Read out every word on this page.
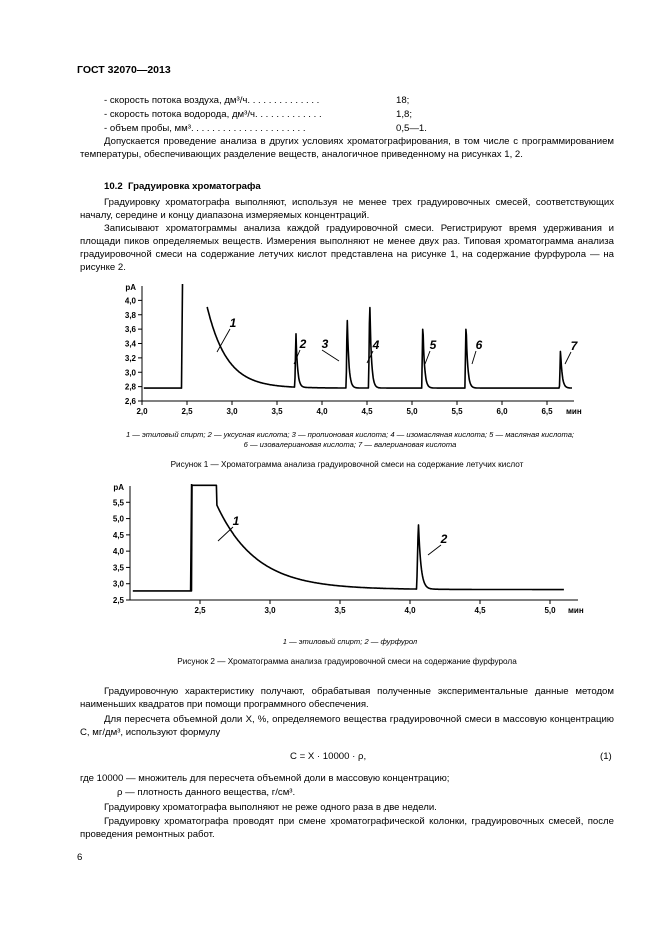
ГОСТ 32070—2013
- скорость потока воздуха, дм³/ч. . . . . . . . . . . . . .	18;
- скорость потока водорода, дм³/ч. . . . . . . . . . . . .	1,8;
- объем пробы, мм³. . . . . . . . . . . . . . . . . . . . . .	0,5—1.
Допускается проведение анализа в других условиях хроматографирования, в том числе с программированием температуры, обеспечивающих разделение веществ, аналогичное приведенному на рисунках 1, 2.
10.2 Градуировка хроматографа
Градуировку хроматографа выполняют, используя не менее трех градуировочных смесей, соответствующих началу, середине и концу диапазона измеряемых концентраций.
Записывают хроматограммы анализа каждой градуировочной смеси. Регистрируют время удерживания и площади пиков определяемых веществ. Измерения выполняют не менее двух раз. Типовая хроматограмма анализа градуировочной смеси на содержание летучих кислот представлена на рисунке 1, на содержание фурфурола — на рисунке 2.
2,0	2,5	3,0	3,5	4,0	4,5	5,0	5,5	6,0	6,5 мин
2,6
2,8
3,0
3,2
3,4
3,6
3,8
4,0
pA
1
2 3	4	5	6	7
1 — этиловый спирт; 2 — уксусная кислота; 3 — пропионовая кислота; 4 — изомасляная кислота; 5 — масляная кислота;
6 — изовалериановая кислота; 7 — валериановая кислота
Рисунок 1 — Хроматограмма анализа градуировочной смеси на содержание летучих кислот
2,5	3,0	3,5	4,0	4,5	5,0 мин
2,5
3,0
3,5
4,0
4,5
5,0
5,5
pA
1
2
1 — этиловый спирт; 2 — фурфурол
Рисунок 2 — Хроматограмма анализа градуировочной смеси на содержание фурфурола
Градуировочную характеристику получают, обрабатывая полученные экспериментальные данные методом наименьших квадратов при помощи программного обеспечения.
Для пересчета объемной доли X, %, определяемого вещества градуировочной смеси в массовую концентрацию С, мг/дм³, используют формулу
C = X · 10000 · ρ,	(1)
где 10000 — множитель для пересчета объемной доли в массовую концентрацию;
ρ — плотность данного вещества, г/см³.
Градуировку хроматографа выполняют не реже одного раза в две недели.
Градуировку хроматографа проводят при смене хроматографической колонки, градуировочных смесей, после проведения ремонтных работ.
6
